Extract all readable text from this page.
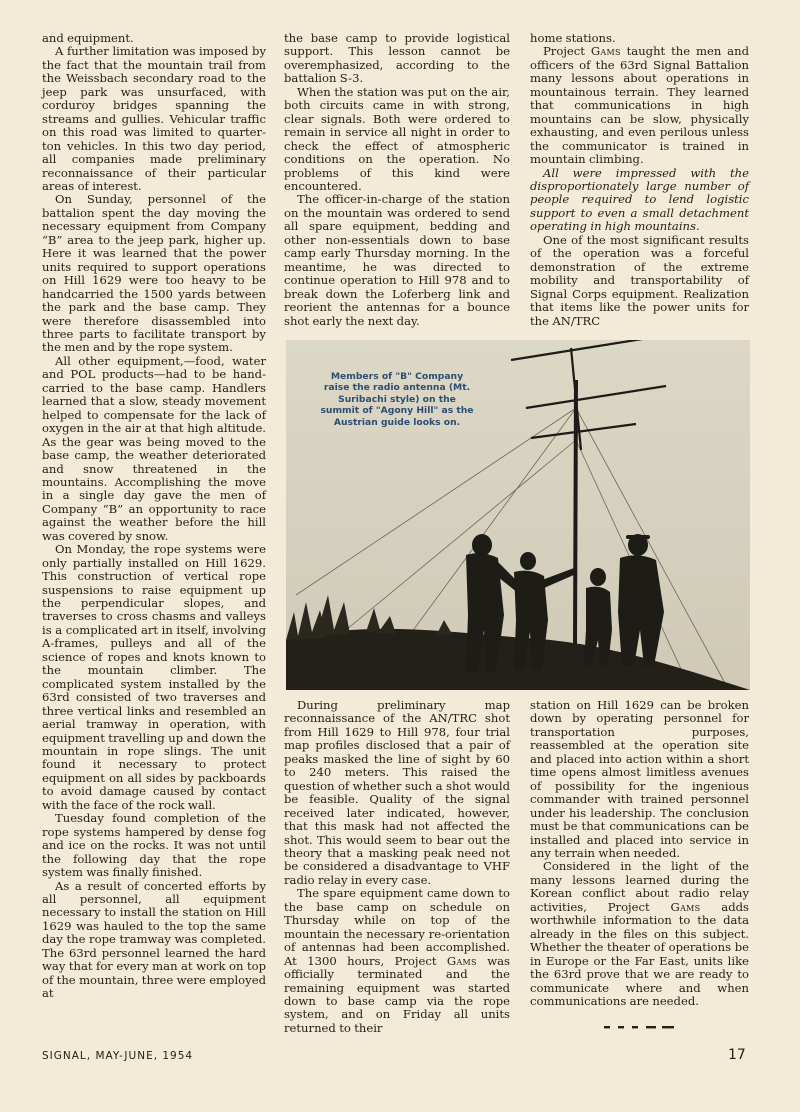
and equipment.

A further limitation was imposed by the fact that the mountain trail from the Weissbach secondary road to the jeep park was unsurfaced, with corduroy bridges spanning the streams and gullies. Vehicular traffic on this road was limited to quarter-ton vehicles. In this two day period, all companies made preliminary reconnaissance of their particular areas of interest.

On Sunday, personnel of the battalion spent the day moving the necessary equipment from Company “B” area to the jeep park, higher up. Here it was learned that the power units required to support operations on Hill 1629 were too heavy to be handcarried the 1500 yards between the park and the base camp. They were therefore disassembled into three parts to facilitate transport by the men and by the rope system.

All other equipment,—food, water and POL products—had to be hand-carried to the base camp. Handlers learned that a slow, steady movement helped to compensate for the lack of oxygen in the air at that high altitude. As the gear was being moved to the base camp, the weather deteriorated and snow threatened in the mountains. Accomplishing the move in a single day gave the men of Company “B” an opportunity to race against the weather before the hill was covered by snow.

On Monday, the rope systems were only partially installed on Hill 1629. This construction of vertical rope suspensions to raise equipment up the perpendicular slopes, and traverses to cross chasms and valleys is a complicated art in itself, involving A-frames, pulleys and all of the science of ropes and knots known to the mountain climber. The complicated system installed by the 63rd consisted of two traverses and three vertical links and resembled an aerial tramway in operation, with equipment travelling up and down the mountain in rope slings. The unit found it necessary to protect equipment on all sides by packboards to avoid damage caused by contact with the face of the rock wall.

Tuesday found completion of the rope systems hampered by dense fog and ice on the rocks. It was not until the following day that the rope system was finally finished.

As a result of concerted efforts by all personnel, all equipment necessary to install the station on Hill 1629 was hauled to the top the same day the rope tramway was completed. The 63rd personnel learned the hard way that for every man at work on top of the mountain, three were employed at

the base camp to provide logistical support. This lesson cannot be overemphasized, according to the battalion S-3.

When the station was put on the air, both circuits came in with strong, clear signals. Both were ordered to remain in service all night in order to check the effect of atmospheric conditions on the operation. No problems of this kind were encountered.

The officer-in-charge of the station on the mountain was ordered to send all spare equipment, bedding and other non-essentials down to base camp early Thursday morning. In the meantime, he was directed to continue operation to Hill 978 and to break down the Loferberg link and reorient the antennas for a bounce shot early the next day.

home stations.

Project Gams taught the men and officers of the 63rd Signal Battalion many lessons about operations in mountainous terrain. They learned that communications in high mountains can be slow, physically exhausting, and even perilous unless the communicator is trained in mountain climbing.

All were impressed with the disproportionately large number of people required to lend logistic support to even a small detachment operating in high mountains.

One of the most significant results of the operation was a forceful demonstration of the extreme mobility and transportability of Signal Corps equipment. Realization that items like the power units for the AN/TRC

Members of "B" Company raise the radio antenna (Mt. Suribachi style) on the summit of "Agony Hill" as the Austrian guide looks on.

During preliminary map reconnaissance of the AN/TRC shot from Hill 1629 to Hill 978, four trial map profiles disclosed that a pair of peaks masked the line of sight by 60 to 240 meters. This raised the question of whether such a shot would be feasible. Quality of the signal received later indicated, however, that this mask had not affected the shot. This would seem to bear out the theory that a masking peak need not be considered a disadvantage to VHF radio relay in every case.

The spare equipment came down to the base camp on schedule on Thursday while on top of the mountain the necessary re-orientation of antennas had been accomplished. At 1300 hours, Project Gams was officially terminated and the remaining equipment was started down to base camp via the rope system, and on Friday all units returned to their

station on Hill 1629 can be broken down by operating personnel for transportation purposes, reassembled at the operation site and placed into action within a short time opens almost limitless avenues of possibility for the ingenious commander with trained personnel under his leadership. The conclusion must be that communications can be installed and placed into service in any terrain when needed.

Considered in the light of the many lessons learned during the Korean conflict about radio relay activities, Project Gams adds worthwhile information to the data already in the files on this subject. Whether the theater of operations be in Europe or the Far East, units like the 63rd prove that we are ready to communicate where and when communications are needed.

SIGNAL, MAY-JUNE, 1954	17
